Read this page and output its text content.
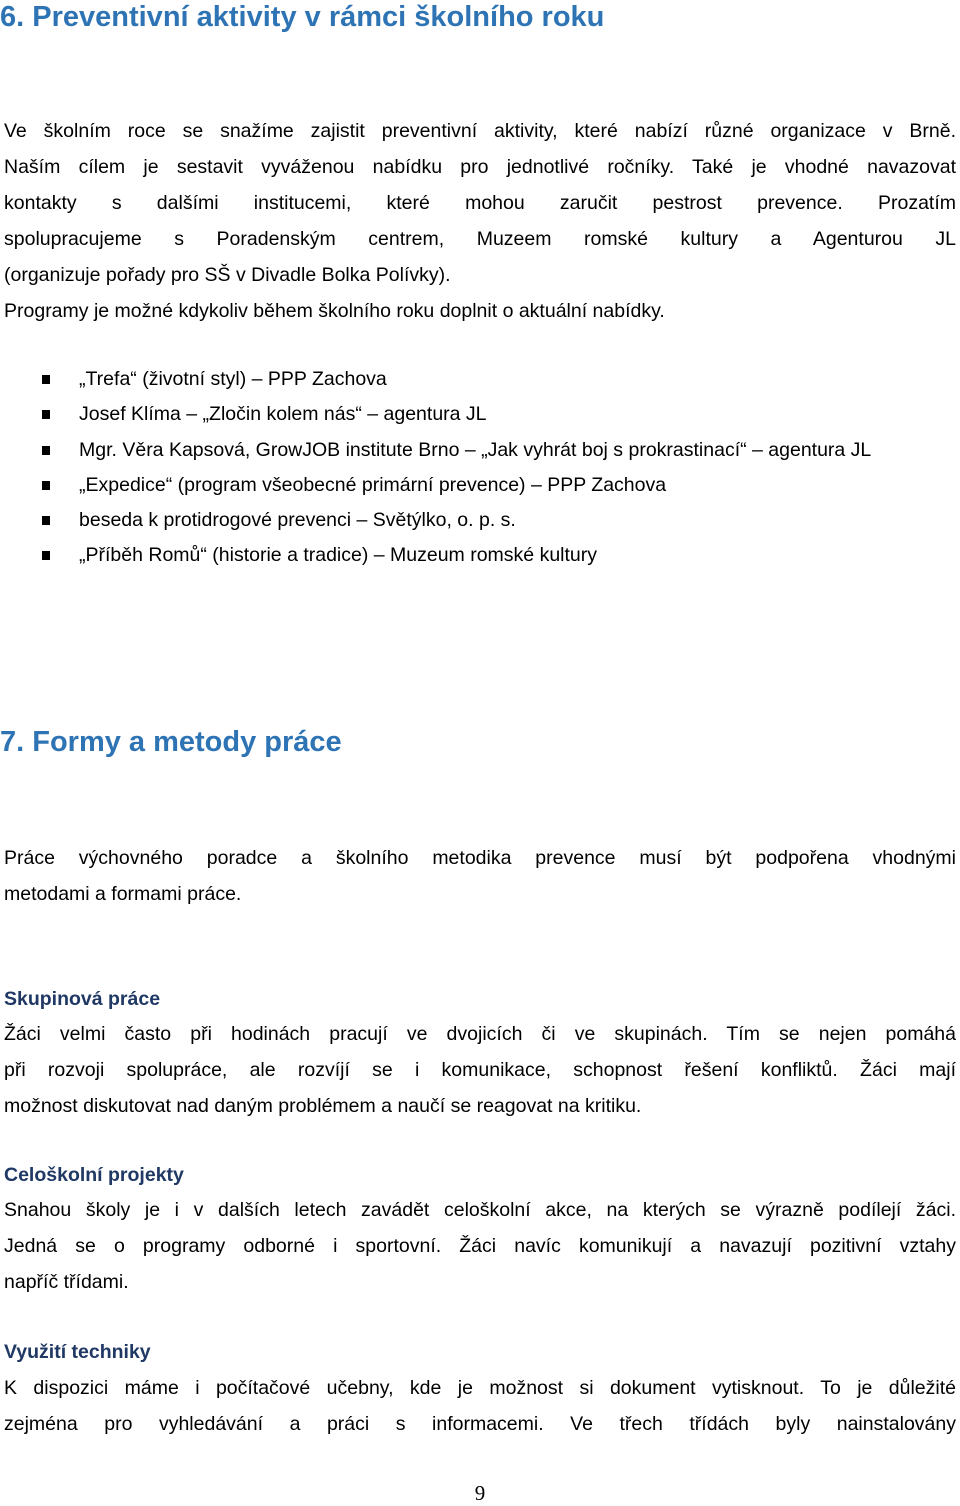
6. Preventivní aktivity v rámci školního roku
Ve školním roce se snažíme zajistit preventivní aktivity, které nabízí různé organizace v Brně.
Naším cílem je sestavit vyváženou nabídku pro jednotlivé ročníky. Také je vhodné navazovat
kontakty s dalšími institucemi, které mohou zaručit pestrost prevence. Prozatím
spolupracujeme s Poradenským centrem, Muzeem romské kultury a Agenturou JL
(organizuje pořady pro SŠ v Divadle Bolka Polívky).
Programy je možné kdykoliv během školního roku doplnit o aktuální nabídky.
„Trefa“ (životní styl) – PPP Zachova
Josef Klíma – „Zločin kolem nás“ – agentura JL
Mgr. Věra Kapsová, GrowJOB institute Brno – „Jak vyhrát boj s prokrastinací“ – agentura JL
„Expedice“ (program všeobecné primární prevence) – PPP Zachova
beseda k protidrogové prevenci – Světýlko, o. p. s.
„Příběh Romů“ (historie a tradice) – Muzeum romské kultury
7. Formy a metody práce
Práce výchovného poradce a školního metodika prevence musí být podpořena vhodnými
metodami a formami práce.
Skupinová práce
Žáci velmi často při hodinách pracují ve dvojicích či ve skupinách. Tím se nejen pomáhá
při rozvoji spolupráce, ale rozvíjí se i komunikace, schopnost řešení konfliktů. Žáci mají
možnost diskutovat nad daným problémem a naučí se reagovat na kritiku.
Celoškolní projekty
Snahou školy je i v dalších letech zavádět celoškolní akce, na kterých se výrazně podílejí žáci.
Jedná se o programy odborné i sportovní. Žáci navíc komunikují a navazují pozitivní vztahy
napříč třídami.
Využití techniky
K dispozici máme i počítačové učebny, kde je možnost si dokument vytisknout. To je důležité
zejména pro vyhledávání a práci s informacemi. Ve třech třídách byly nainstalovány
9
